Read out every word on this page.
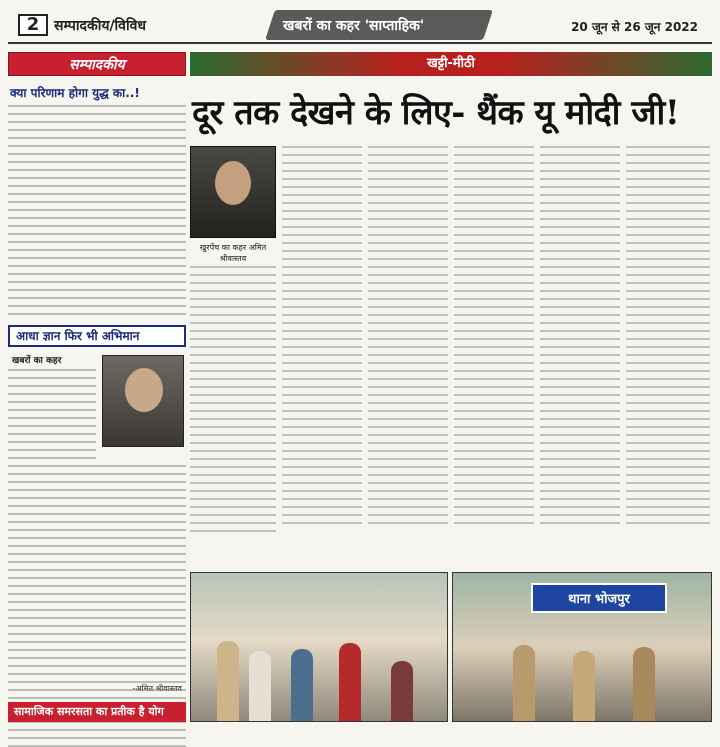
2	सम्पादकीय/विविध	खबरों का कहर 'साप्ताहिक'	20 जून से 26 जून 2022
सम्पादकीय
क्या परिणाम होगा युद्ध का..!
आधा ज्ञान फिर भी अभिमान
खबरों का कहर
-अमित श्रीवास्तव
सामाजिक समरसता का प्रतीक है योग
खट्टी-मीठी
दूर तक देखने के लिए- थैंक यू मोदी जी!
खुरपेंच का कहर अमित श्रीवास्तव
थाना भोजपुर
